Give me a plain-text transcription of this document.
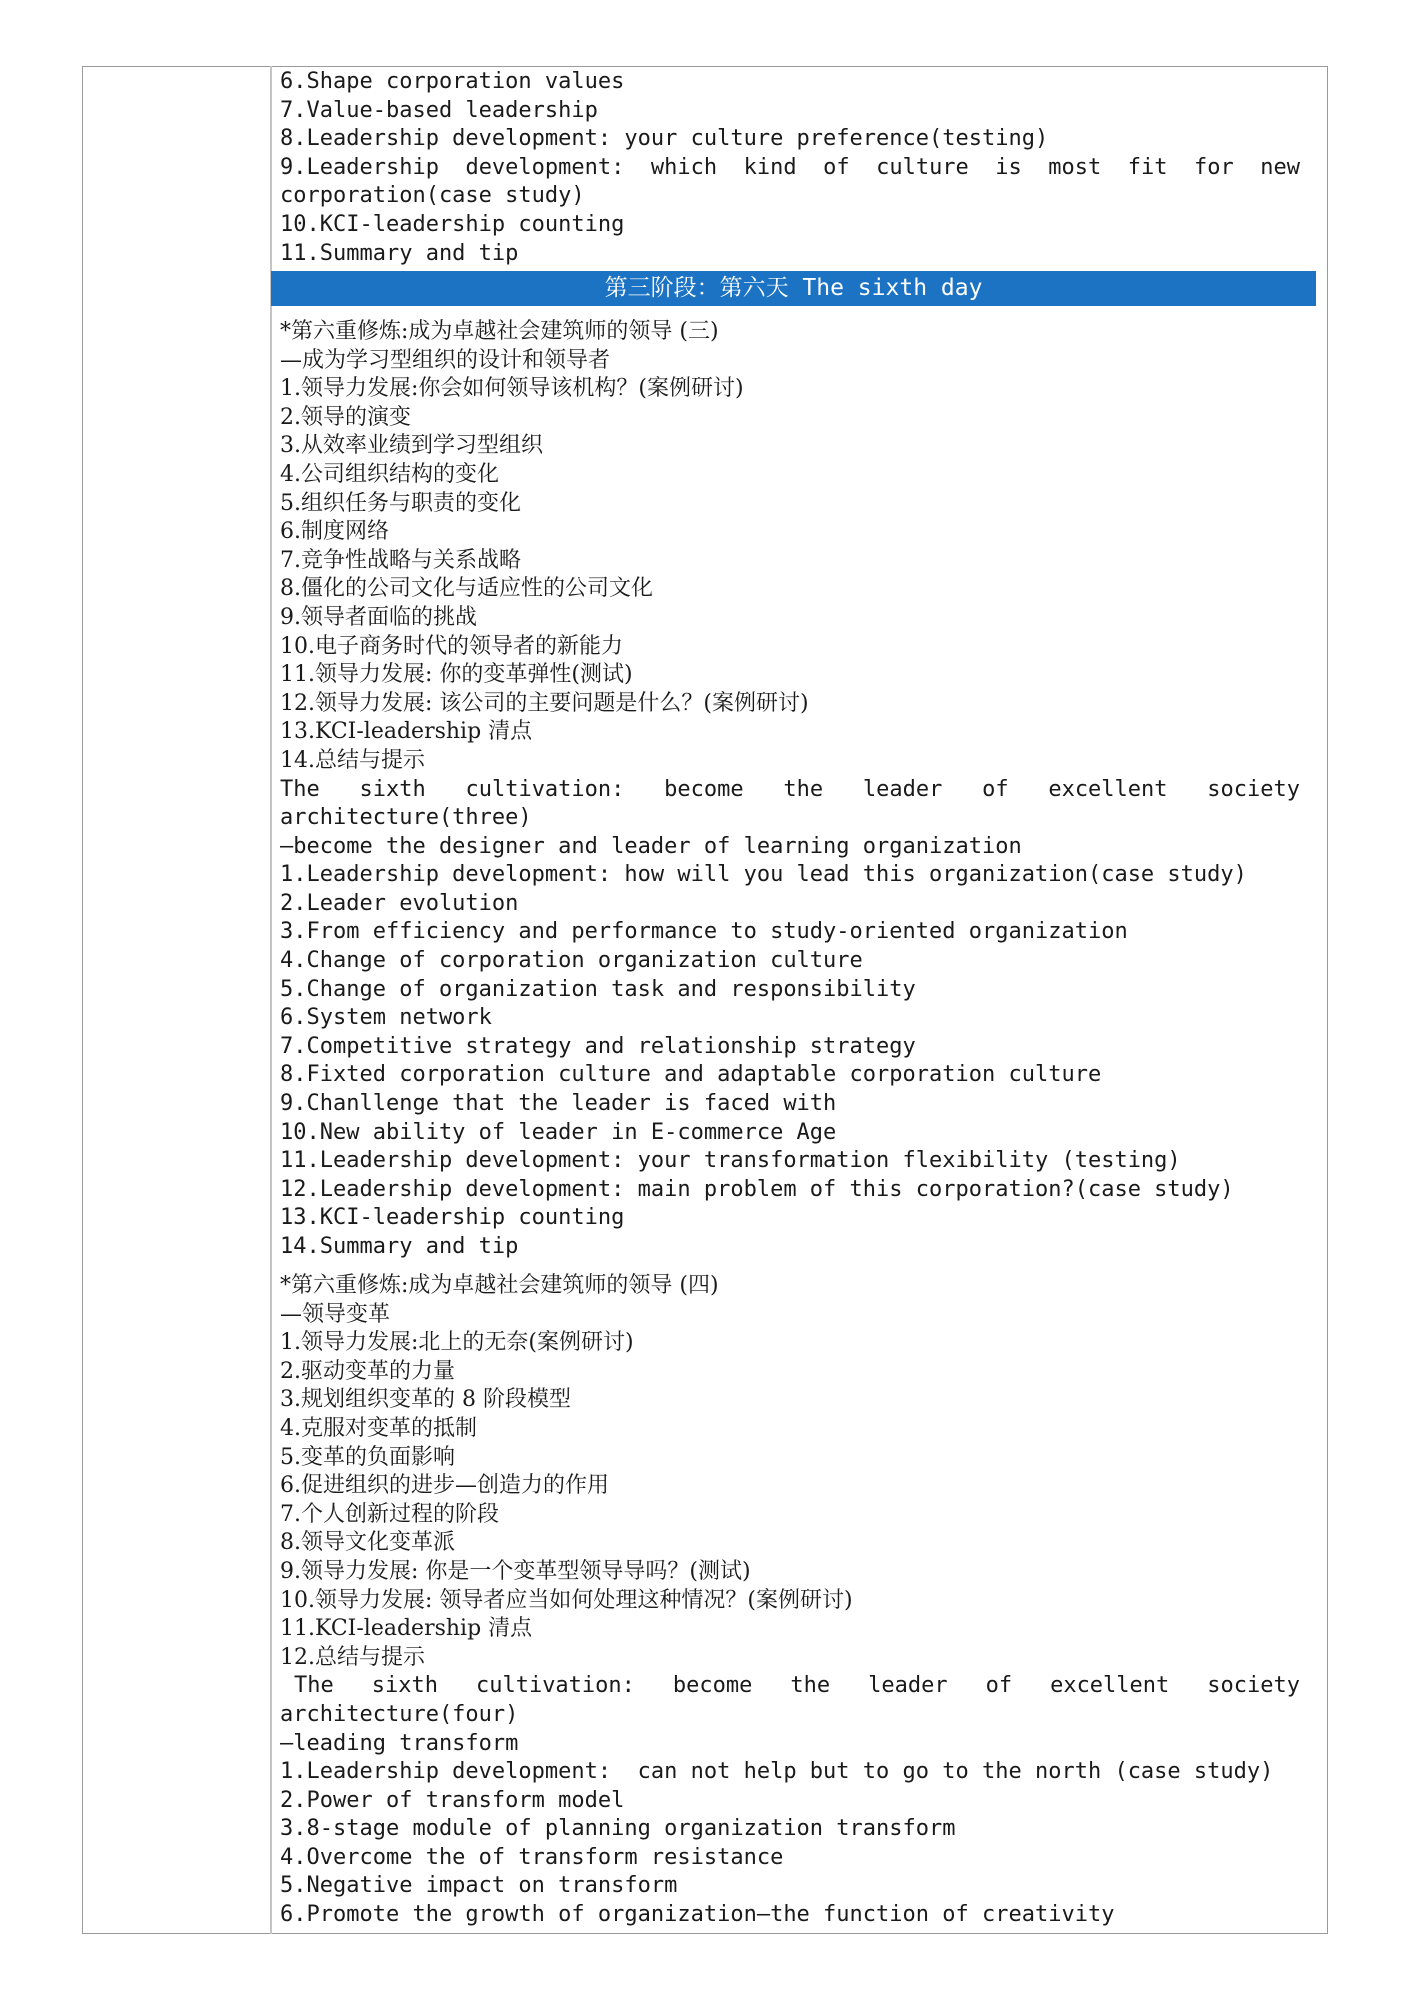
6.Shape corporation values
7.Value-based leadership
8.Leadership development: your culture preference(testing)
9.Leadership development: which kind of culture is most fit for new
corporation(case study)
10.KCI-leadership counting
11.Summary and tip
第三阶段：第六天 The sixth day
*第六重修炼:成为卓越社会建筑师的领导 (三)
—成为学习型组织的设计和领导者
1.领导力发展:你会如何领导该机构？(案例研讨)
2.领导的演变
3.从效率业绩到学习型组织
4.公司组织结构的变化
5.组织任务与职责的变化
6.制度网络
7.竞争性战略与关系战略
8.僵化的公司文化与适应性的公司文化
9.领导者面临的挑战
10.电子商务时代的领导者的新能力
11.领导力发展: 你的变革弹性(测试)
12.领导力发展: 该公司的主要问题是什么？(案例研讨)
13.KCI-leadership 清点
14.总结与提示
The sixth cultivation: become the leader of excellent society
architecture(three)
—become the designer and leader of learning organization
1.Leadership development: how will you lead this organization(case study)
2.Leader evolution
3.From efficiency and performance to study-oriented organization
4.Change of corporation organization culture
5.Change of organization task and responsibility
6.System network
7.Competitive strategy and relationship strategy
8.Fixted corporation culture and adaptable corporation culture
9.Chanllenge that the leader is faced with
10.New ability of leader in E-commerce Age
11.Leadership development: your transformation flexibility (testing)
12.Leadership development: main problem of this corporation?(case study)
13.KCI-leadership counting
14.Summary and tip
*第六重修炼:成为卓越社会建筑师的领导 (四)
—领导变革
1.领导力发展:北上的无奈(案例研讨)
2.驱动变革的力量
3.规划组织变革的 8 阶段模型
4.克服对变革的抵制
5.变革的负面影响
6.促进组织的进步—创造力的作用
7.个人创新过程的阶段
8.领导文化变革派
9.领导力发展: 你是一个变革型领导导吗？(测试)
10.领导力发展: 领导者应当如何处理这种情况？(案例研讨)
11.KCI-leadership 清点
12.总结与提示
The sixth cultivation: become the leader of excellent society
architecture(four)
—leading transform
1.Leadership development:  can not help but to go to the north (case study)
2.Power of transform model
3.8-stage module of planning organization transform
4.Overcome the of transform resistance
5.Negative impact on transform
6.Promote the growth of organization—the function of creativity
